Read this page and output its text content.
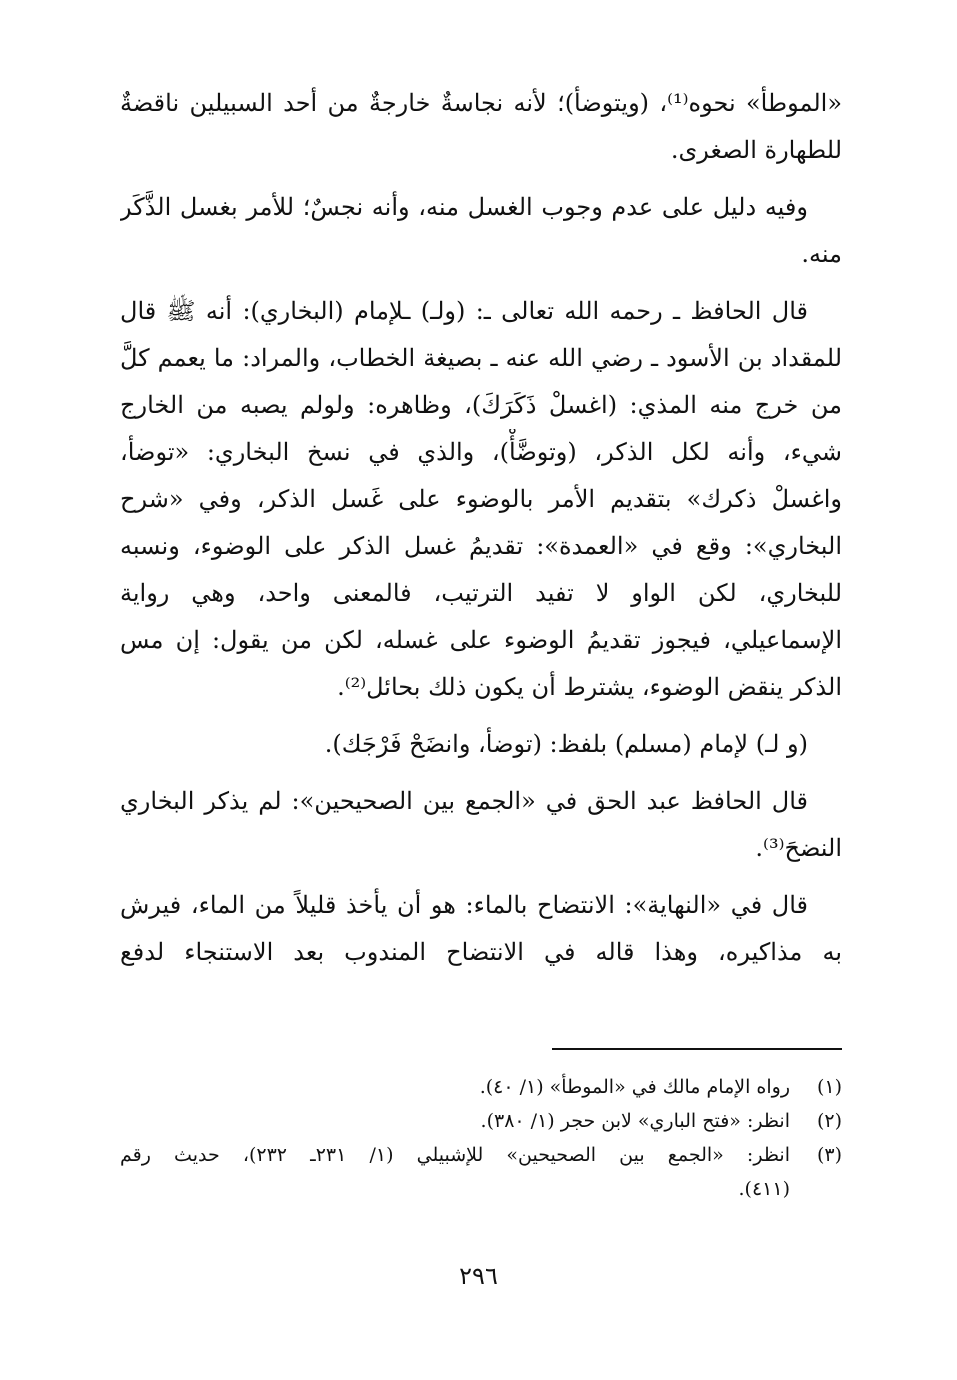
«الموطأ» نحوه⁽¹⁾، (ويتوضأ)؛ لأنه نجاسةٌ خارجةٌ من أحد السبيلين ناقضةٌ
للطهارة الصغرى.
وفيه دليل على عدم وجوب الغسل منه، وأنه نجسٌ؛ للأمر بغسل الذَّكَر
منه.
قال الحافظ ـ رحمه الله تعالى ـ: (ولـ) ـلإمام (البخاري): أنه ﷺ قال
للمقداد بن الأسود ـ رضي الله عنه ـ بصيغة الخطاب، والمراد: ما يعمم كلَّ
من خرج منه المذي: (اغسلْ ذَكَرَكَ)، وظاهره: ولولم يصبه من الخارج
شيء، وأنه لكل الذكر، (وتوضَّأْ)، والذي في نسخ البخاري: «توضأ،
واغسلْ ذكرك» بتقديم الأمر بالوضوء على غَسل الذكر، وفي «شرح
البخاري»: وقع في «العمدة»: تقديمُ غسل الذكر على الوضوء، ونسبه
للبخاري، لكن الواو لا تفيد الترتيب، فالمعنى واحد، وهي رواية
الإسماعيلي، فيجوز تقديمُ الوضوء على غسله، لكن من يقول: إن مس
الذكر ينقض الوضوء، يشترط أن يكون ذلك بحائل⁽²⁾.
(و لـ) لإمام (مسلم) بلفظ: (توضأ، وانضَحْ فَرْجَك).
قال الحافظ عبد الحق في «الجمع بين الصحيحين»: لم يذكر البخاري
النضحَ⁽³⁾.
قال في «النهاية»: الانتضاح بالماء: هو أن يأخذ قليلاً من الماء، فيرش
به مذاكيره، وهذا قاله في الانتضاح المندوب بعد الاستنجاء لدفع
(١)
رواه الإمام مالك في «الموطأ» (١/ ٤٠).
(٢)
انظر: «فتح الباري» لابن حجر (١/ ٣٨٠).
(٣)
انظر: «الجمع بين الصحيحين» للإشبيلي (١/ ٢٣١ـ ٢٣٢)، حديث رقم
(٤١١).
٢٩٦
